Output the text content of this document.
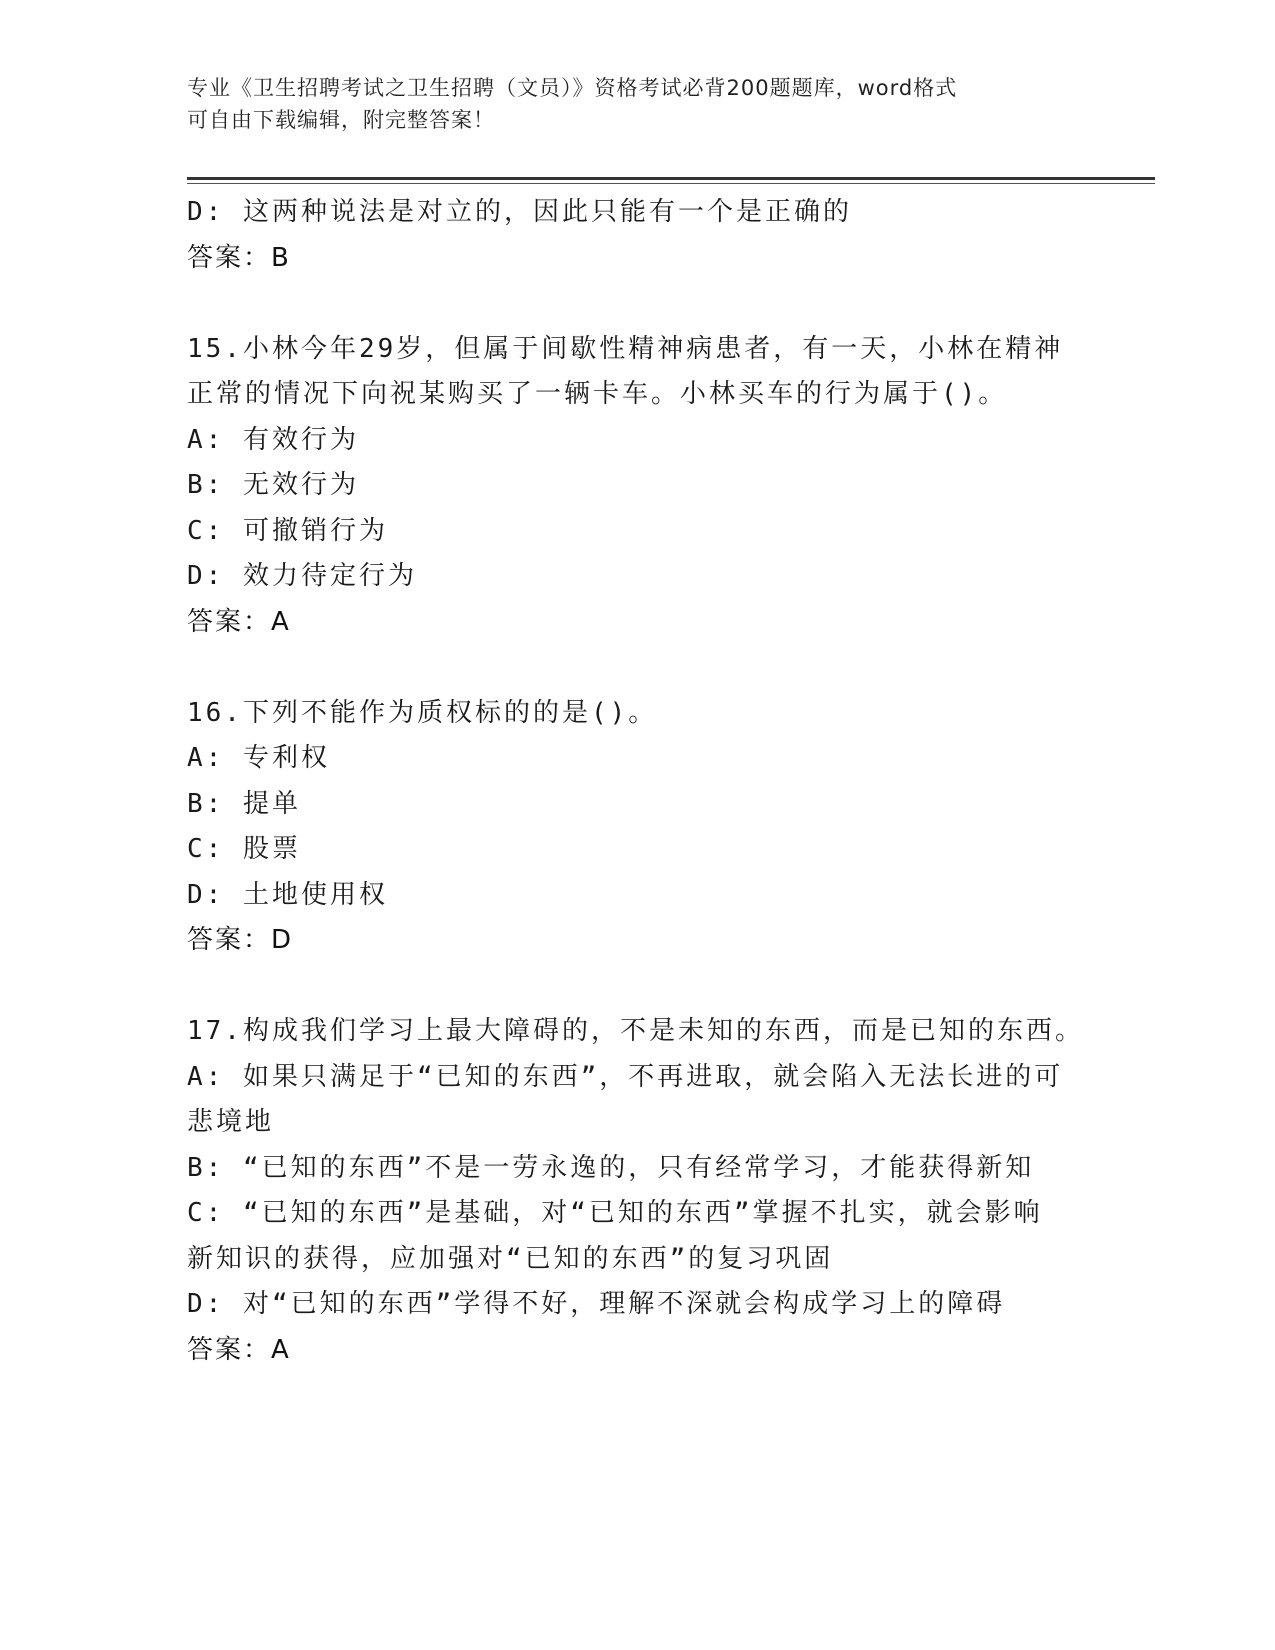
专业《卫生招聘考试之卫生招聘（文员）》资格考试必背200题题库，word格式
可自由下载编辑，附完整答案！
D: 这两种说法是对立的，因此只能有一个是正确的
答案：B
15.小林今年29岁，但属于间歇性精神病患者，有一天，小林在精神
正常的情况下向祝某购买了一辆卡车。小林买车的行为属于()。
A: 有效行为
B: 无效行为
C: 可撤销行为
D: 效力待定行为
答案：A
16.下列不能作为质权标的的是()。
A: 专利权
B: 提单
C: 股票
D: 土地使用权
答案：D
17.构成我们学习上最大障碍的，不是未知的东西，而是已知的东西。
A: 如果只满足于“已知的东西”，不再进取，就会陷入无法长进的可
悲境地
B: “已知的东西”不是一劳永逸的，只有经常学习，才能获得新知
C: “已知的东西”是基础，对“已知的东西”掌握不扎实，就会影响
新知识的获得，应加强对“已知的东西”的复习巩固
D: 对“已知的东西”学得不好，理解不深就会构成学习上的障碍
答案：A
